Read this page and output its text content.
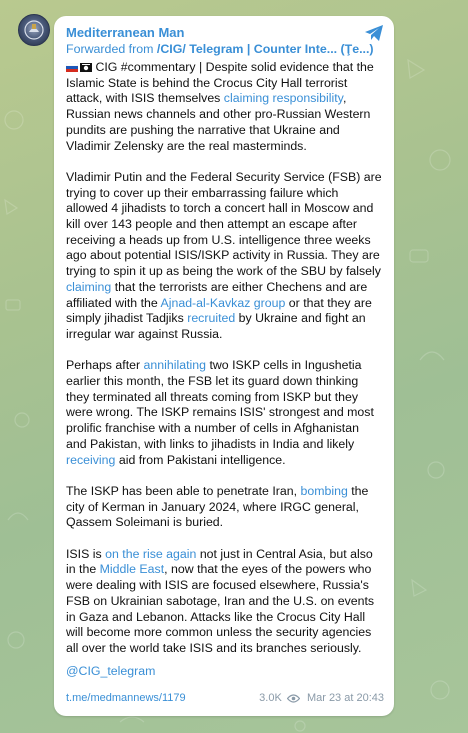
Mediterranean Man
Forwarded from /CIG/ Telegram | Counter Inte... (Ţe...)

CIG #commentary | Despite solid evidence that the Islamic State is behind the Crocus City Hall terrorist attack, with ISIS themselves claiming responsibility, Russian news channels and other pro-Russian Western pundits are pushing the narrative that Ukraine and Vladimir Zelensky are the real masterminds.

Vladimir Putin and the Federal Security Service (FSB) are trying to cover up their embarrassing failure which allowed 4 jihadists to torch a concert hall in Moscow and kill over 143 people and then attempt an escape after receiving a heads up from U.S. intelligence three weeks ago about potential ISIS/ISKP activity in Russia. They are trying to spin it up as being the work of the SBU by falsely claiming that the terrorists are either Chechens and are affiliated with the Ajnad-al-Kavkaz group or that they are simply jihadist Tadjiks recruited by Ukraine and fight an irregular war against Russia.

Perhaps after annihilating two ISKP cells in Ingushetia earlier this month, the FSB let its guard down thinking they terminated all threats coming from ISKP but they were wrong. The ISKP remains ISIS' strongest and most prolific franchise with a number of cells in Afghanistan and Pakistan, with links to jihadists in India and likely receiving aid from Pakistani intelligence.

The ISKP has been able to penetrate Iran, bombing the city of Kerman in January 2024, where IRGC general, Qassem Soleimani is buried.

ISIS is on the rise again not just in Central Asia, but also in the Middle East, now that the eyes of the powers who were dealing with ISIS are focused elsewhere, Russia's FSB on Ukrainian sabotage, Iran and the U.S. on events in Gaza and Lebanon. Attacks like the Crocus City Hall will become more common unless the security agencies all over the world take ISIS and its branches seriously.

@CIG_telegram
t.me/medmannews/1179	3.0K Mar 23 at 20:43
